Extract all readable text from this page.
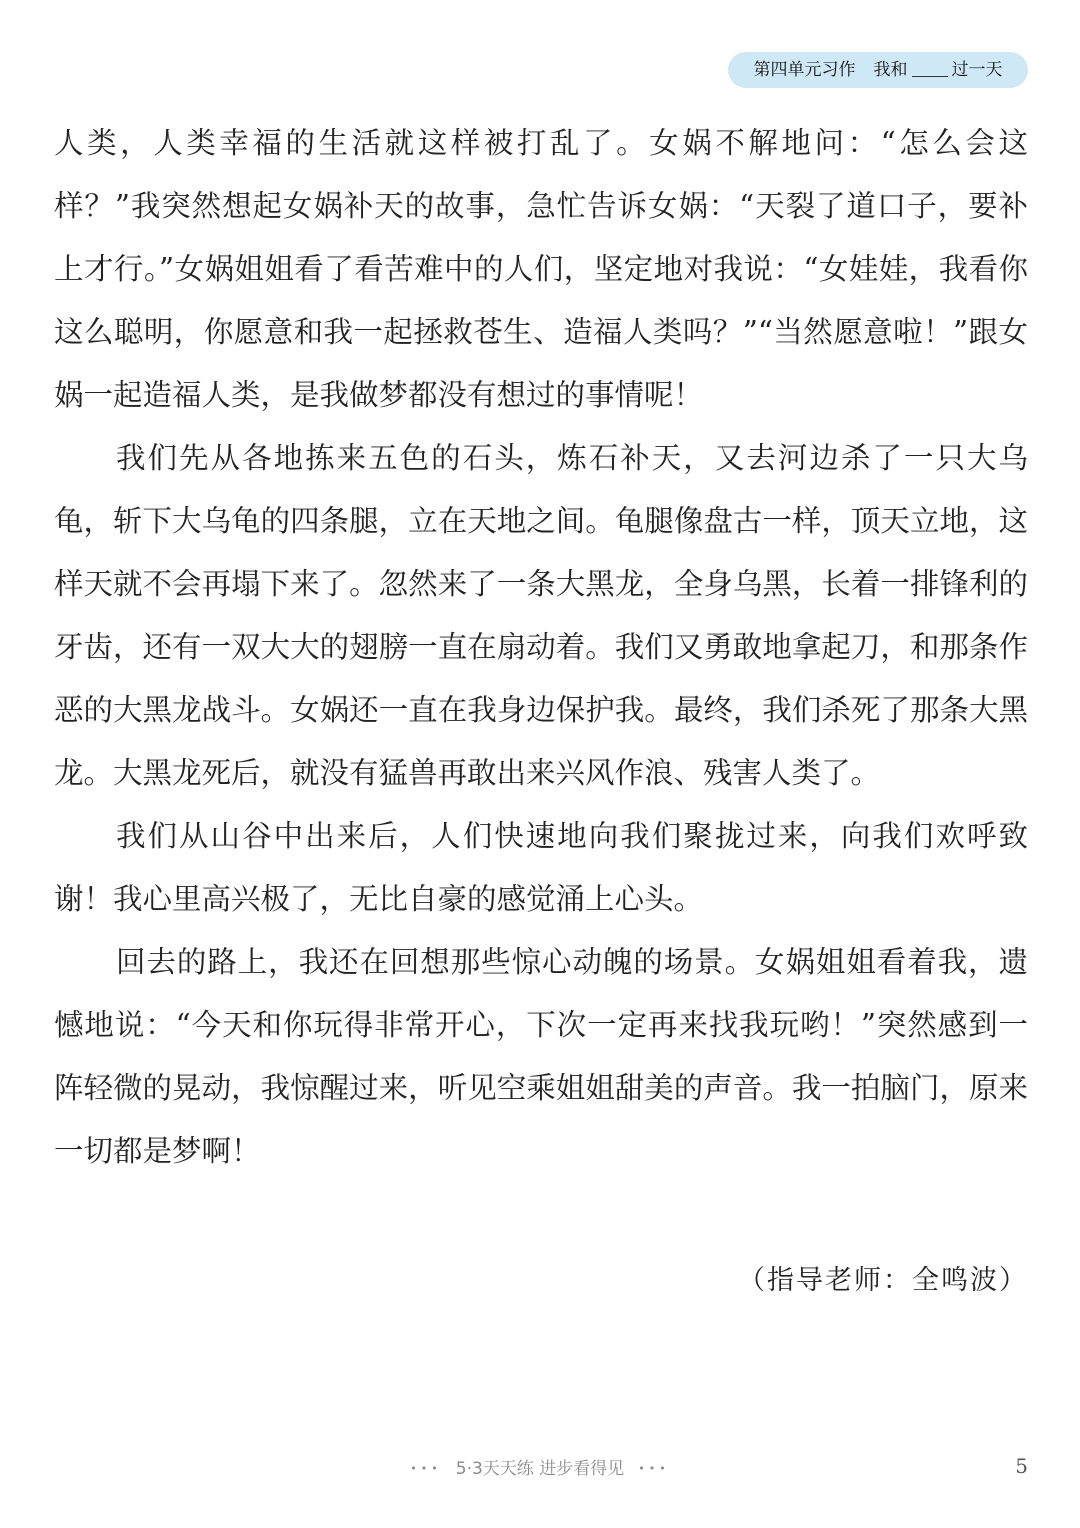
第四单元习作 我和	过一天

人类，人类幸福的生活就这样被打乱了。女娲不解地问：“怎么会这样？”我突然想起女娲补天的故事，急忙告诉女娲：“天裂了道口子，要补上才行。”女娲姐姐看了看苦难中的人们，坚定地对我说：“女娃娃，我看你这么聪明，你愿意和我一起拯救苍生、造福人类吗？”“当然愿意啦！”跟女娲一起造福人类，是我做梦都没有想过的事情呢！

我们先从各地拣来五色的石头，炼石补天，又去河边杀了一只大乌龟，斩下大乌龟的四条腿，立在天地之间。龟腿像盘古一样，顶天立地，这样天就不会再塌下来了。忽然来了一条大黑龙，全身乌黑，长着一排锋利的牙齿，还有一双大大的翅膀一直在扇动着。我们又勇敢地拿起刀，和那条作恶的大黑龙战斗。女娲还一直在我身边保护我。最终，我们杀死了那条大黑龙。大黑龙死后，就没有猛兽再敢出来兴风作浪、残害人类了。

我们从山谷中出来后，人们快速地向我们聚拢过来，向我们欢呼致谢！我心里高兴极了，无比自豪的感觉涌上心头。

回去的路上，我还在回想那些惊心动魄的场景。女娲姐姐看着我，遗憾地说：“今天和你玩得非常开心，下次一定再来找我玩哟！”突然感到一阵轻微的晃动，我惊醒过来，听见空乘姐姐甜美的声音。我一拍脑门，原来一切都是梦啊！

（指导老师：全鸣波）
••• 5·3天天练 进步看得见 •••	5
